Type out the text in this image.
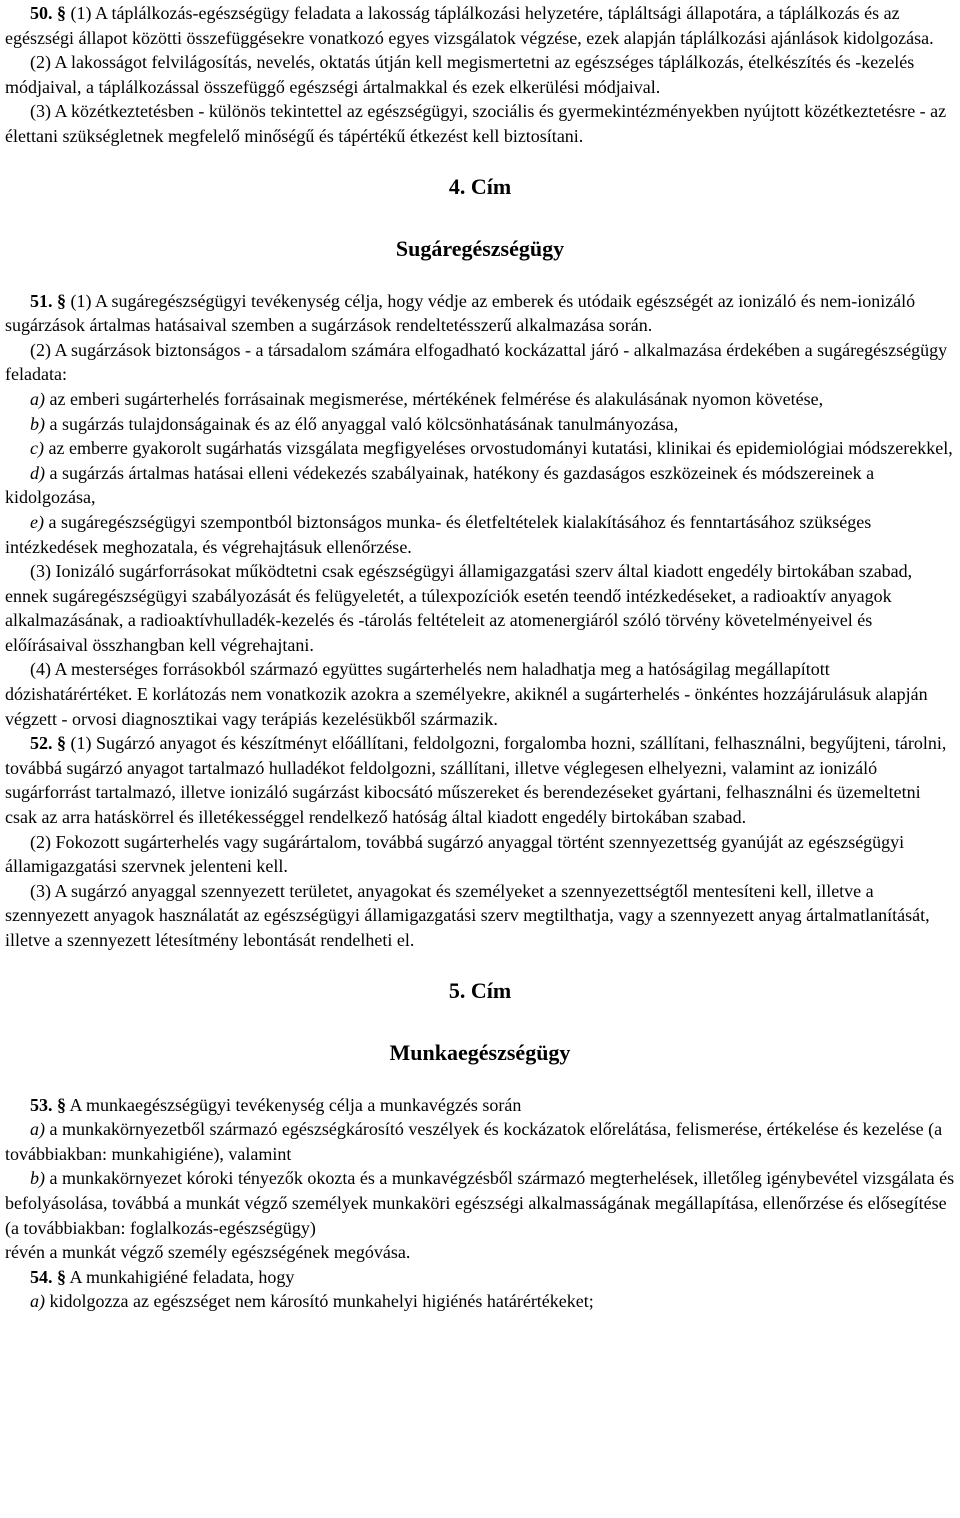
50. § (1) A táplálkozás-egészségügy feladata a lakosság táplálkozási helyzetére, tápláltsági állapotára, a táplálkozás és az egészségi állapot közötti összefüggésekre vonatkozó egyes vizsgálatok végzése, ezek alapján táplálkozási ajánlások kidolgozása.

(2) A lakosságot felvilágosítás, nevelés, oktatás útján kell megismertetni az egészséges táplálkozás, ételkészítés és -kezelés módjaival, a táplálkozással összefüggő egészségi ártalmakkal és ezek elkerülési módjaival.

(3) A közétkeztetésben - különös tekintettel az egészségügyi, szociális és gyermekintézményekben nyújtott közétkeztetésre - az élettani szükségletnek megfelelő minőségű és tápértékű étkezést kell biztosítani.

4. Cím

Sugáregészségügy

51. § (1) A sugáregészségügyi tevékenység célja, hogy védje az emberek és utódaik egészségét az ionizáló és nem-ionizáló sugárzások ártalmas hatásaival szemben a sugárzások rendeltetésszerű alkalmazása során.

(2) A sugárzások biztonságos - a társadalom számára elfogadható kockázattal járó - alkalmazása érdekében a sugáregészségügy feladata:

a) az emberi sugárterhelés forrásainak megismerése, mértékének felmérése és alakulásának nyomon követése,

b) a sugárzás tulajdonságainak és az élő anyaggal való kölcsönhatásának tanulmányozása,

c) az emberre gyakorolt sugárhatás vizsgálata megfigyeléses orvostudományi kutatási, klinikai és epidemiológiai módszerekkel,

d) a sugárzás ártalmas hatásai elleni védekezés szabályainak, hatékony és gazdaságos eszközeinek és módszereinek a kidolgozása,

e) a sugáregészségügyi szempontból biztonságos munka- és életfeltételek kialakításához és fenntartásához szükséges intézkedések meghozatala, és végrehajtásuk ellenőrzése.

(3) Ionizáló sugárforrásokat működtetni csak egészségügyi államigazgatási szerv által kiadott engedély birtokában szabad, ennek sugáregészségügyi szabályozását és felügyeletét, a túlexpozíciók esetén teendő intézkedéseket, a radioaktív anyagok alkalmazásának, a radioaktívhulladék-kezelés és -tárolás feltételeit az atomenergiáról szóló törvény követelményeivel és előírásaival összhangban kell végrehajtani.

(4) A mesterséges forrásokból származó együttes sugárterhelés nem haladhatja meg a hatóságilag megállapított dózishatárértéket. E korlátozás nem vonatkozik azokra a személyekre, akiknél a sugárterhelés - önkéntes hozzájárulásuk alapján végzett - orvosi diagnosztikai vagy terápiás kezelésükből származik.

52. § (1) Sugárzó anyagot és készítményt előállítani, feldolgozni, forgalomba hozni, szállítani, felhasználni, begyűjteni, tárolni, továbbá sugárzó anyagot tartalmazó hulladékot feldolgozni, szállítani, illetve véglegesen elhelyezni, valamint az ionizáló sugárforrást tartalmazó, illetve ionizáló sugárzást kibocsátó műszereket és berendezéseket gyártani, felhasználni és üzemeltetni csak az arra hatáskörrel és illetékességgel rendelkező hatóság által kiadott engedély birtokában szabad.

(2) Fokozott sugárterhelés vagy sugárártalom, továbbá sugárzó anyaggal történt szennyezettség gyanúját az egészségügyi államigazgatási szervnek jelenteni kell.

(3) A sugárzó anyaggal szennyezett területet, anyagokat és személyeket a szennyezettségtől mentesíteni kell, illetve a szennyezett anyagok használatát az egészségügyi államigazgatási szerv megtilthatja, vagy a szennyezett anyag ártalmatlanítását, illetve a szennyezett létesítmény lebontását rendelheti el.

5. Cím

Munkaegészségügy

53. § A munkaegészségügyi tevékenység célja a munkavégzés során

a) a munkakörnyezetből származó egészségkárosító veszélyek és kockázatok előrelátása, felismerése, értékelése és kezelése (a továbbiakban: munkahigiéne), valamint

b) a munkakörnyezet kóroki tényezők okozta és a munkavégzésből származó megterhelések, illetőleg igénybevétel vizsgálata és befolyásolása, továbbá a munkát végző személyek munkaköri egészségi alkalmasságának megállapítása, ellenőrzése és elősegítése (a továbbiakban: foglalkozás-egészségügy)

révén a munkát végző személy egészségének megóvása.

54. § A munkahigiéné feladata, hogy

a) kidolgozza az egészséget nem károsító munkahelyi higiénés határértékeket;
